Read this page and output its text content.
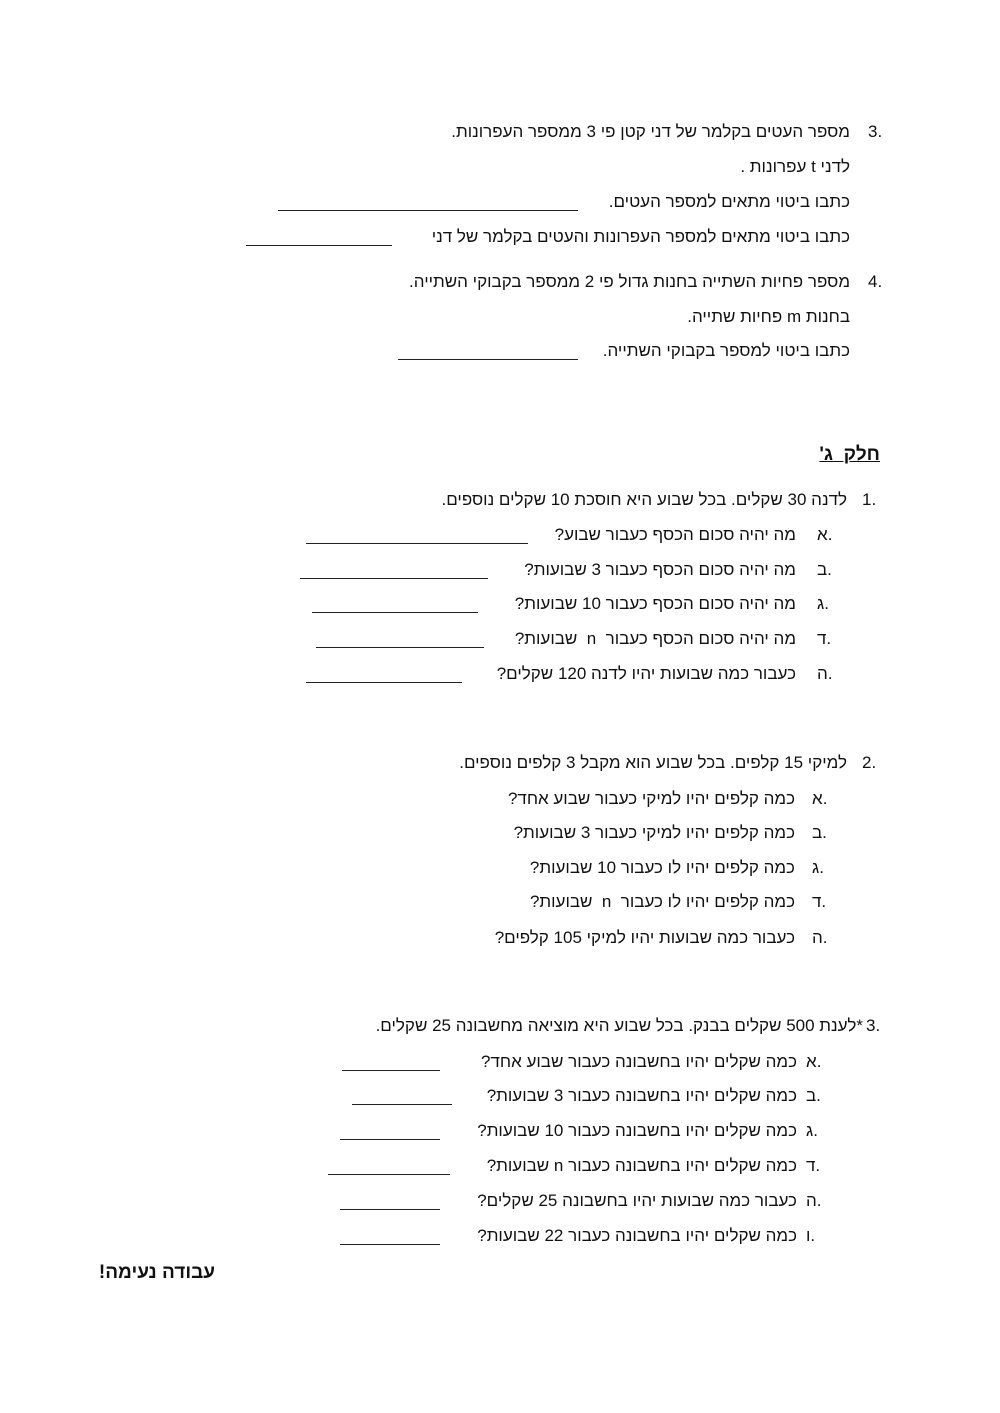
3.
מספר העטים בקלמר של דני קטן פי 3 ממספר העפרונות.
לדני t עפרונות .
כתבו ביטוי מתאים למספר העטים.
כתבו ביטוי מתאים למספר העפרונות והעטים בקלמר של דני
4.
מספר פחיות השתייה בחנות גדול פי 2 ממספר בקבוקי השתייה.
בחנות m פחיות שתייה.
כתבו ביטוי למספר בקבוקי השתייה.
חלק  ג'
1.
לדנה 30 שקלים. בכל שבוע היא חוסכת 10 שקלים נוספים.
א.
מה יהיה סכום הכסף כעבור שבוע?
ב.
מה יהיה סכום הכסף כעבור 3 שבועות?
ג.
מה יהיה סכום הכסף כעבור 10 שבועות?
ד.
מה יהיה סכום הכסף כעבור  n  שבועות?
ה.
כעבור כמה שבועות יהיו לדנה 120 שקלים?
2.
למיקי 15 קלפים. בכל שבוע הוא מקבל 3 קלפים נוספים.
א.
כמה קלפים יהיו למיקי כעבור שבוע אחד?
ב.
כמה קלפים יהיו למיקי כעבור 3 שבועות?
ג.
כמה קלפים יהיו לו כעבור 10 שבועות?
ד.
כמה קלפים יהיו לו כעבור  n  שבועות?
ה.
כעבור כמה שבועות יהיו למיקי 105 קלפים?
3.
*לענת 500 שקלים בבנק. בכל שבוע היא מוציאה מחשבונה 25 שקלים.
א.
כמה שקלים יהיו בחשבונה כעבור שבוע אחד?
ב.
כמה שקלים יהיו בחשבונה כעבור 3 שבועות?
ג.
כמה שקלים יהיו בחשבונה כעבור 10 שבועות?
ד.
כמה שקלים יהיו בחשבונה כעבור n שבועות?
ה.
כעבור כמה שבועות יהיו בחשבונה 25 שקלים?
ו.
כמה שקלים יהיו בחשבונה כעבור 22 שבועות?
עבודה נעימה!
